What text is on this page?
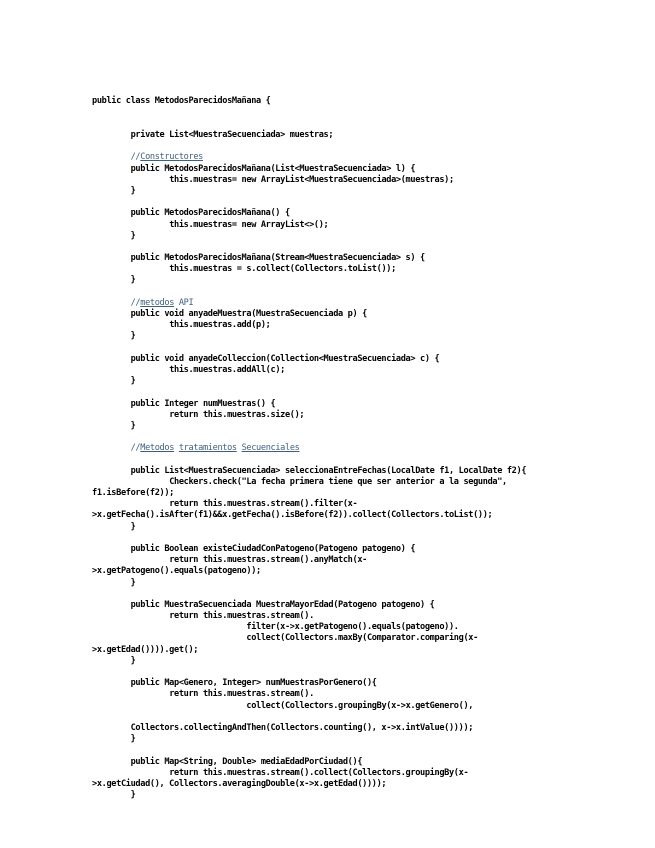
public class MetodosParecidosMañana {

private List<MuestraSecuenciada> muestras;
//Constructores
public MetodosParecidosMañana(List<MuestraSecuenciada> l) {
this.muestras= new ArrayList<MuestraSecuenciada>(muestras);
}
public MetodosParecidosMañana() {
this.muestras= new ArrayList<>();
}
public MetodosParecidosMañana(Stream<MuestraSecuenciada> s) {
this.muestras = s.collect(Collectors.toList());
}
//metodos API
public void anyadeMuestra(MuestraSecuenciada p) {
this.muestras.add(p);
}
public void anyadeColleccion(Collection<MuestraSecuenciada> c) {
this.muestras.addAll(c);
}
public Integer numMuestras() {
return this.muestras.size();
}
//Metodos tratamientos Secuenciales
public List<MuestraSecuenciada> seleccionaEntreFechas(LocalDate f1, LocalDate f2){
Checkers.check("La fecha primera tiene que ser anterior a la segunda",
f1.isBefore(f2));
return this.muestras.stream().filter(x-
>x.getFecha().isAfter(f1)&&x.getFecha().isBefore(f2)).collect(Collectors.toList());
}
public Boolean existeCiudadConPatogeno(Patogeno patogeno) {
return this.muestras.stream().anyMatch(x-
>x.getPatogeno().equals(patogeno));
}
public MuestraSecuenciada MuestraMayorEdad(Patogeno patogeno) {
return this.muestras.stream().
filter(x->x.getPatogeno().equals(patogeno)).
collect(Collectors.maxBy(Comparator.comparing(x-
>x.getEdad()))).get();
}
public Map<Genero, Integer> numMuestrasPorGenero(){
return this.muestras.stream().
collect(Collectors.groupingBy(x->x.getGenero(),
Collectors.collectingAndThen(Collectors.counting(), x->x.intValue())));
}
public Map<String, Double> mediaEdadPorCiudad(){
return this.muestras.stream().collect(Collectors.groupingBy(x-
>x.getCiudad(), Collectors.averagingDouble(x->x.getEdad())));
}
